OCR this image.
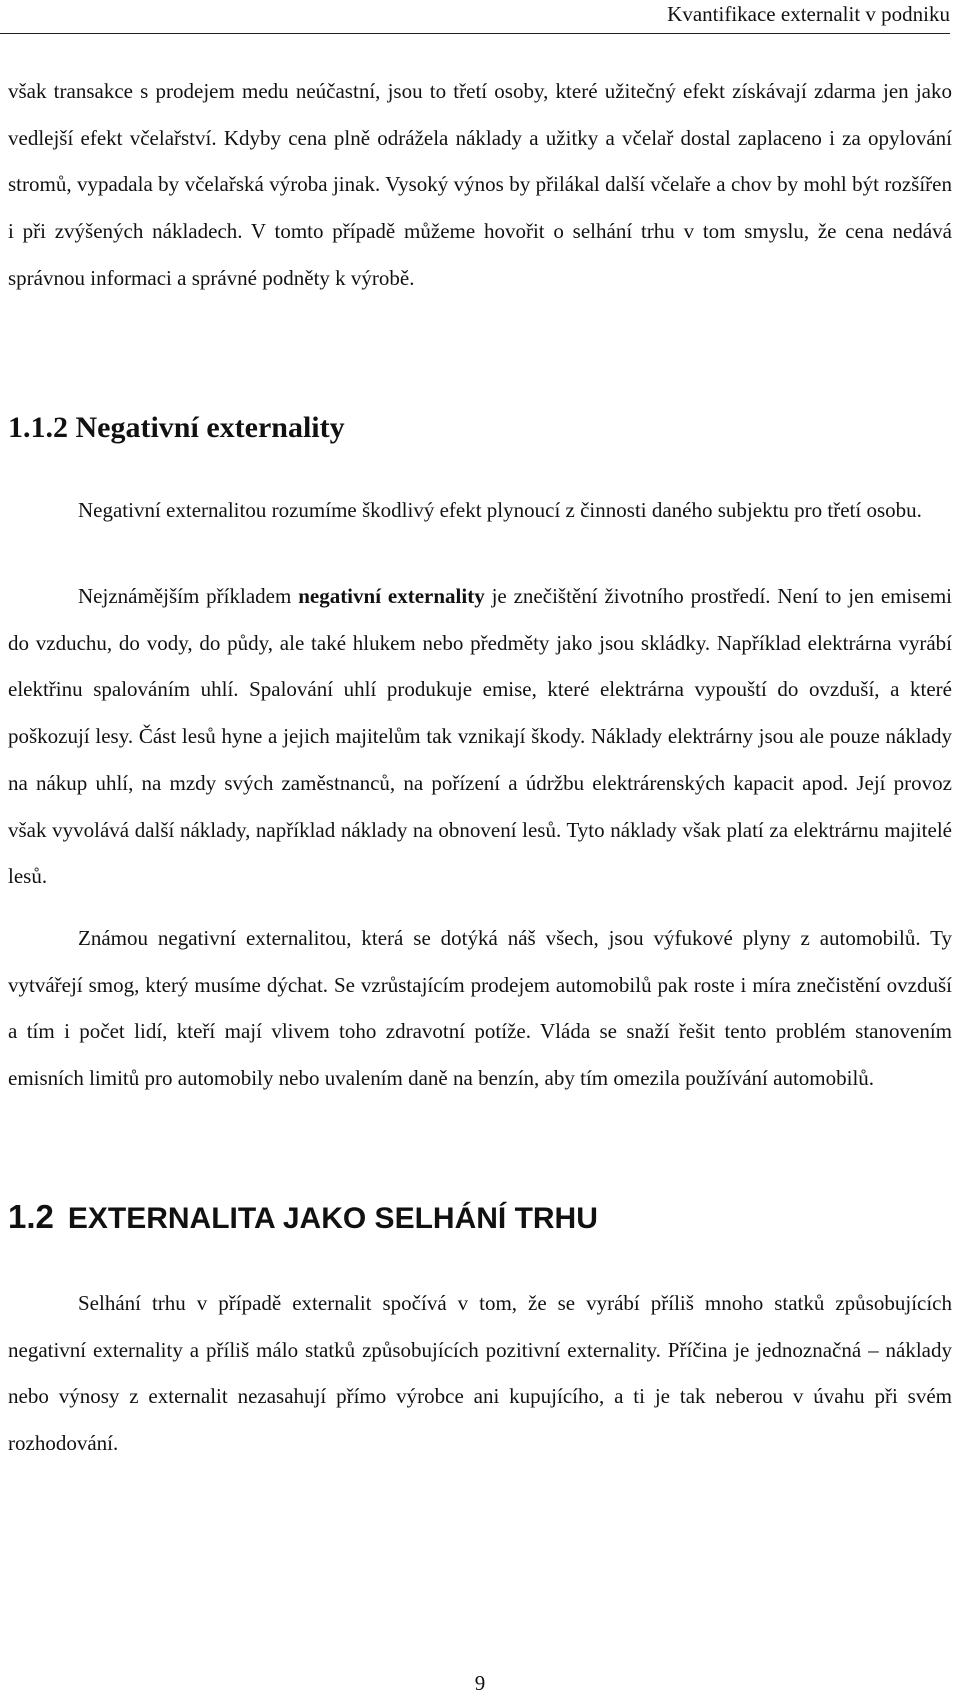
Kvantifikace externalit v podniku

však transakce s prodejem medu neúčastní, jsou to třetí osoby, které užitečný efekt získávají zdarma jen jako vedlejší efekt včelařství. Kdyby cena plně odrážela náklady a užitky a včelař dostal zaplaceno i za opylování stromů, vypadala by včelařská výroba jinak. Vysoký výnos by přilákal další včelaře a chov by mohl být rozšířen i při zvýšených nákladech. V tomto případě můžeme hovořit o selhání trhu v tom smyslu, že cena nedává správnou informaci a správné podněty k výrobě.

1.1.2 Negativní externality

Negativní externalitou rozumíme škodlivý efekt plynoucí z činnosti daného subjektu pro třetí osobu.

Nejznámějším příkladem negativní externality je znečištění životního prostředí. Není to jen emisemi do vzduchu, do vody, do půdy, ale také hlukem nebo předměty jako jsou skládky. Například elektrárna vyrábí elektřinu spalováním uhlí. Spalování uhlí produkuje emise, které elektrárna vypouští do ovzduší, a které poškozují lesy. Část lesů hyne a jejich majitelům tak vznikají škody. Náklady elektrárny jsou ale pouze náklady na nákup uhlí, na mzdy svých zaměstnanců, na pořízení a údržbu elektrárenských kapacit apod. Její provoz však vyvolává další náklady, například náklady na obnovení lesů. Tyto náklady však platí za elektrárnu majitelé lesů.

Známou negativní externalitou, která se dotýká náš všech, jsou výfukové plyny z automobilů. Ty vytvářejí smog, který musíme dýchat. Se vzrůstajícím prodejem automobilů pak roste i míra znečistění ovzduší a tím i počet lidí, kteří mají vlivem toho zdravotní potíže. Vláda se snaží řešit tento problém stanovením emisních limitů pro automobily nebo uvalením daně na benzín, aby tím omezila používání automobilů.

1.2 EXTERNALITA JAKO SELHÁNÍ TRHU

Selhání trhu v případě externalit spočívá v tom, že se vyrábí příliš mnoho statků způsobujících negativní externality a příliš málo statků způsobujících pozitivní externality. Příčina je jednoznačná – náklady nebo výnosy z externalit nezasahují přímo výrobce ani kupujícího, a ti je tak neberou v úvahu při svém rozhodování.

9
